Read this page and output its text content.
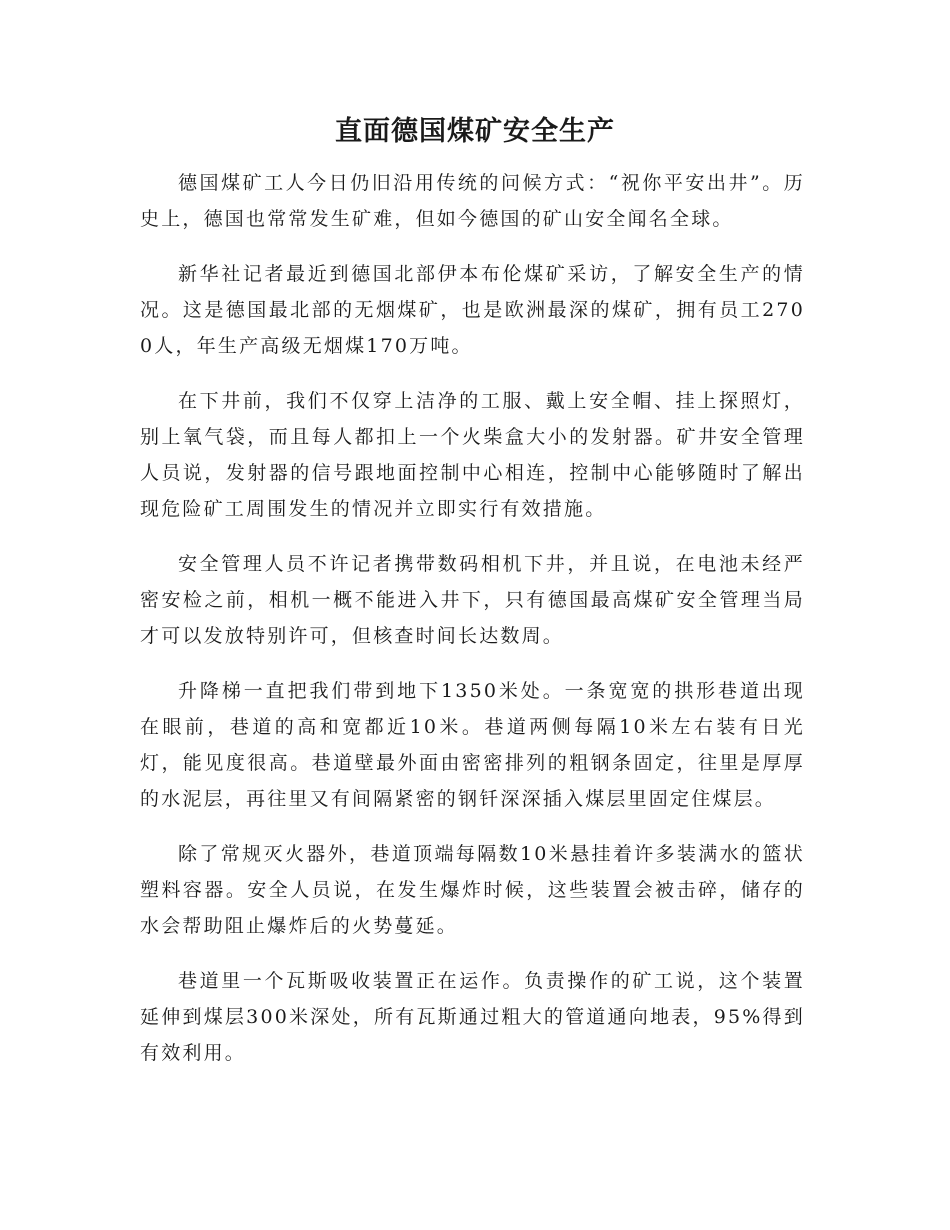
直面德国煤矿安全生产

德国煤矿工人今日仍旧沿用传统的问候方式：“祝你平安出井”。历史上，德国也常常发生矿难，但如今德国的矿山安全闻名全球。

新华社记者最近到德国北部伊本布伦煤矿采访，了解安全生产的情况。这是德国最北部的无烟煤矿，也是欧洲最深的煤矿，拥有员工2700人，年生产高级无烟煤170万吨。

在下井前，我们不仅穿上洁净的工服、戴上安全帽、挂上探照灯，别上氧气袋，而且每人都扣上一个火柴盒大小的发射器。矿井安全管理人员说，发射器的信号跟地面控制中心相连，控制中心能够随时了解出现危险矿工周围发生的情况并立即实行有效措施。

安全管理人员不许记者携带数码相机下井，并且说，在电池未经严密安检之前，相机一概不能进入井下，只有德国最高煤矿安全管理当局才可以发放特别许可，但核查时间长达数周。

升降梯一直把我们带到地下1350米处。一条宽宽的拱形巷道出现在眼前，巷道的高和宽都近10米。巷道两侧每隔10米左右装有日光灯，能见度很高。巷道壁最外面由密密排列的粗钢条固定，往里是厚厚的水泥层，再往里又有间隔紧密的钢钎深深插入煤层里固定住煤层。

除了常规灭火器外，巷道顶端每隔数10米悬挂着许多装满水的篮状塑料容器。安全人员说，在发生爆炸时候，这些装置会被击碎，储存的水会帮助阻止爆炸后的火势蔓延。

巷道里一个瓦斯吸收装置正在运作。负责操作的矿工说，这个装置延伸到煤层300米深处，所有瓦斯通过粗大的管道通向地表，95%得到有效利用。
